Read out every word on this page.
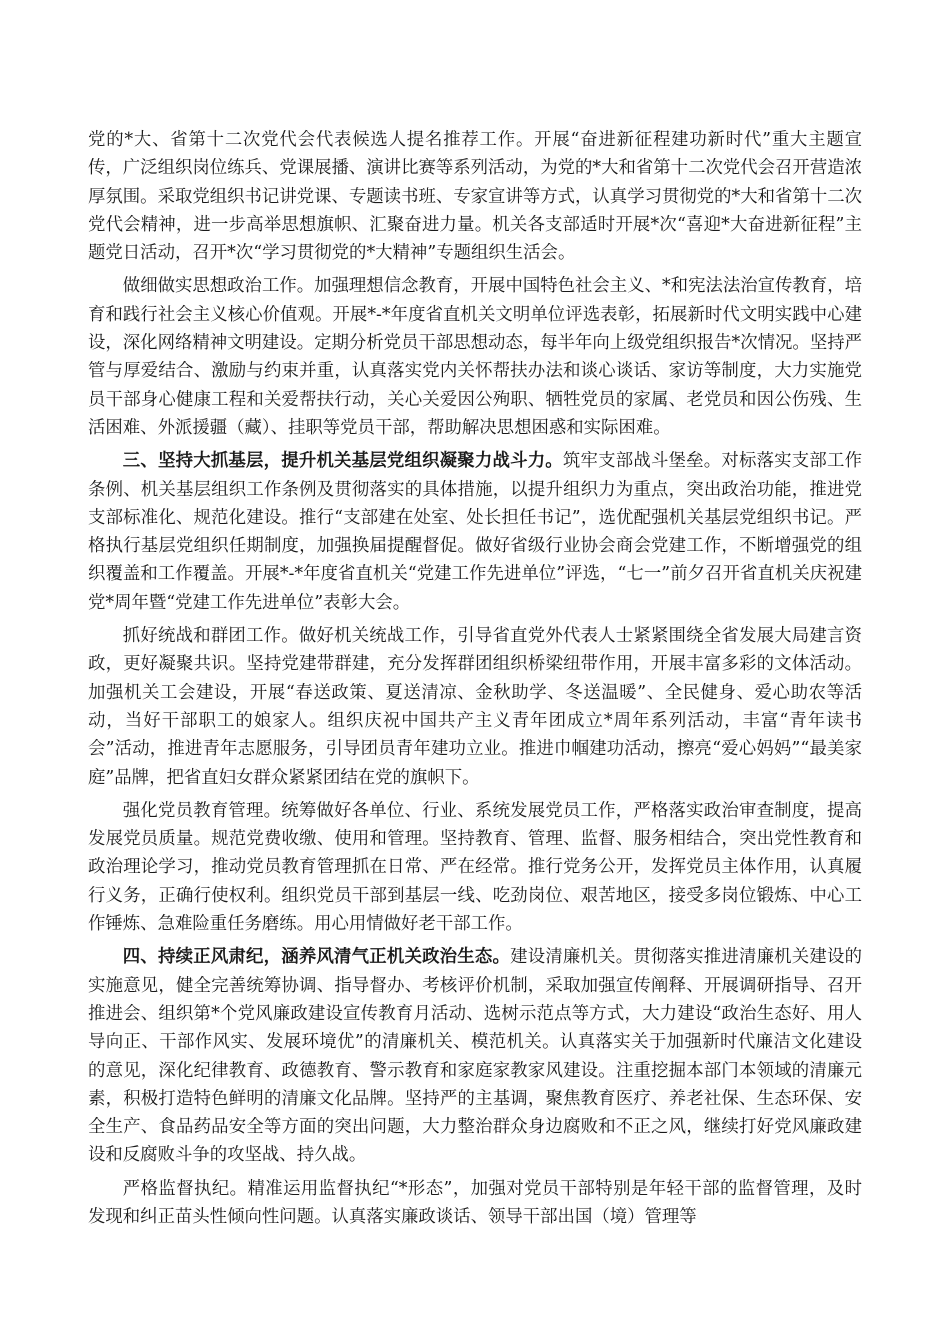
党的*大、省第十二次党代会代表候选人提名推荐工作。开展“奋进新征程建功新时代”重大主题宣传，广泛组织岗位练兵、党课展播、演讲比赛等系列活动，为党的*大和省第十二次党代会召开营造浓厚氛围。采取党组织书记讲党课、专题读书班、专家宣讲等方式，认真学习贯彻党的*大和省第十二次党代会精神，进一步高举思想旗帜、汇聚奋进力量。机关各支部适时开展*次“喜迎*大奋进新征程”主题党日活动，召开*次“学习贯彻党的*大精神”专题组织生活会。

做细做实思想政治工作。加强理想信念教育，开展中国特色社会主义、*和宪法法治宣传教育，培育和践行社会主义核心价值观。开展*-*年度省直机关文明单位评选表彰，拓展新时代文明实践中心建设，深化网络精神文明建设。定期分析党员干部思想动态，每半年向上级党组织报告*次情况。坚持严管与厚爱结合、激励与约束并重，认真落实党内关怀帮扶办法和谈心谈话、家访等制度，大力实施党员干部身心健康工程和关爱帮扶行动，关心关爱因公殉职、牺牲党员的家属、老党员和因公伤残、生活困难、外派援疆（藏）、挂职等党员干部，帮助解决思想困惑和实际困难。

三、坚持大抓基层，提升机关基层党组织凝聚力战斗力。筑牢支部战斗堡垒。对标落实支部工作条例、机关基层组织工作条例及贯彻落实的具体措施，以提升组织力为重点，突出政治功能，推进党支部标准化、规范化建设。推行“支部建在处室、处长担任书记”，选优配强机关基层党组织书记。严格执行基层党组织任期制度，加强换届提醒督促。做好省级行业协会商会党建工作，不断增强党的组织覆盖和工作覆盖。开展*-*年度省直机关“党建工作先进单位”评选，“七一”前夕召开省直机关庆祝建党*周年暨“党建工作先进单位”表彰大会。

抓好统战和群团工作。做好机关统战工作，引导省直党外代表人士紧紧围绕全省发展大局建言资政，更好凝聚共识。坚持党建带群建，充分发挥群团组织桥梁纽带作用，开展丰富多彩的文体活动。加强机关工会建设，开展“春送政策、夏送清凉、金秋助学、冬送温暖”、全民健身、爱心助农等活动，当好干部职工的娘家人。组织庆祝中国共产主义青年团成立*周年系列活动，丰富“青年读书会”活动，推进青年志愿服务，引导团员青年建功立业。推进巾帼建功活动，擦亮“爱心妈妈”“最美家庭”品牌，把省直妇女群众紧紧团结在党的旗帜下。

强化党员教育管理。统筹做好各单位、行业、系统发展党员工作，严格落实政治审查制度，提高发展党员质量。规范党费收缴、使用和管理。坚持教育、管理、监督、服务相结合，突出党性教育和政治理论学习，推动党员教育管理抓在日常、严在经常。推行党务公开，发挥党员主体作用，认真履行义务，正确行使权利。组织党员干部到基层一线、吃劲岗位、艰苦地区，接受多岗位锻炼、中心工作锤炼、急难险重任务磨练。用心用情做好老干部工作。

四、持续正风肃纪，涵养风清气正机关政治生态。建设清廉机关。贯彻落实推进清廉机关建设的实施意见，健全完善统筹协调、指导督办、考核评价机制，采取加强宣传阐释、开展调研指导、召开推进会、组织第*个党风廉政建设宣传教育月活动、选树示范点等方式，大力建设“政治生态好、用人导向正、干部作风实、发展环境优”的清廉机关、模范机关。认真落实关于加强新时代廉洁文化建设的意见，深化纪律教育、政德教育、警示教育和家庭家教家风建设。注重挖掘本部门本领域的清廉元素，积极打造特色鲜明的清廉文化品牌。坚持严的主基调，聚焦教育医疗、养老社保、生态环保、安全生产、食品药品安全等方面的突出问题，大力整治群众身边腐败和不正之风，继续打好党风廉政建设和反腐败斗争的攻坚战、持久战。

严格监督执纪。精准运用监督执纪“*形态”，加强对党员干部特别是年轻干部的监督管理，及时发现和纠正苗头性倾向性问题。认真落实廉政谈话、领导干部出国（境）管理等
